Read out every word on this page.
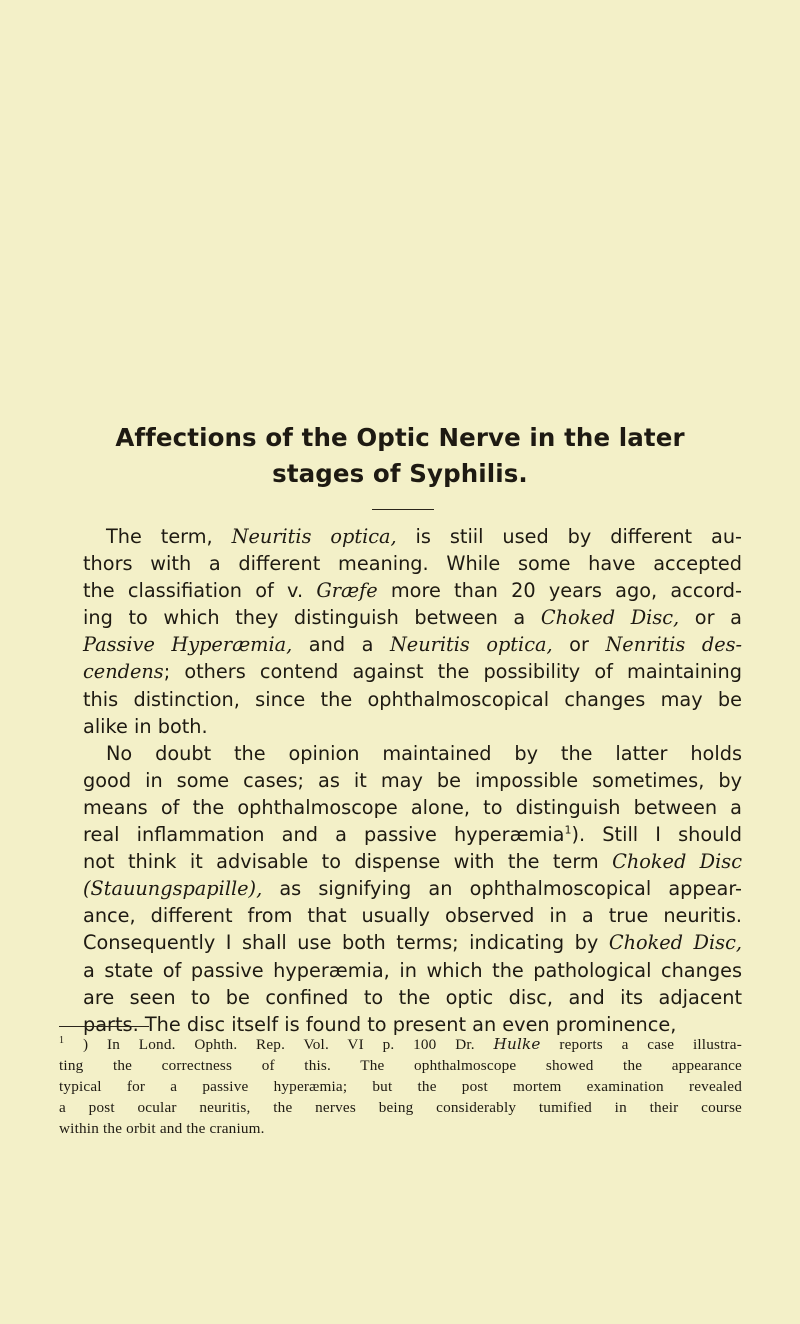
Affections of the Optic Nerve in the later
stages of Syphilis.
The term, Neuritis optica, is stiil used by different au-
thors with a different meaning. While some have accepted
the classifiation of v. Græfe more than 20 years ago, accord-
ing to which they distinguish between a Choked Disc, or a
Passive Hyperæmia, and a Neuritis optica, or Nenritis des-
cendens; others contend against the possibility of maintaining
this distinction, since the ophthalmoscopical changes may be
alike in both.
No doubt the opinion maintained by the latter holds
good in some cases; as it may be impossible sometimes, by
means of the ophthalmoscope alone, to distinguish between a
real inflammation and a passive hyperæmia$^1$). Still I should
not think it advisable to dispense with the term Choked Disc
(Stauungspapille), as signifying an ophthalmoscopical appear-
ance, different from that usually observed in a true neuritis.
Consequently I shall use both terms; indicating by Choked Disc,
a state of passive hyperæmia, in which the pathological changes
are seen to be confined to the optic disc, and its adjacent
parts. The disc itself is found to present an even prominence,
1 ) In Lond. Ophth. Rep. Vol. VI p. 100 Dr. Hulke reports a case illustra-
ting the correctness of this. The ophthalmoscope showed the appearance
typical for a passive hyperæmia; but the post mortem examination revealed
a post ocular neuritis, the nerves being considerably tumified in their course
within the orbit and the cranium.
